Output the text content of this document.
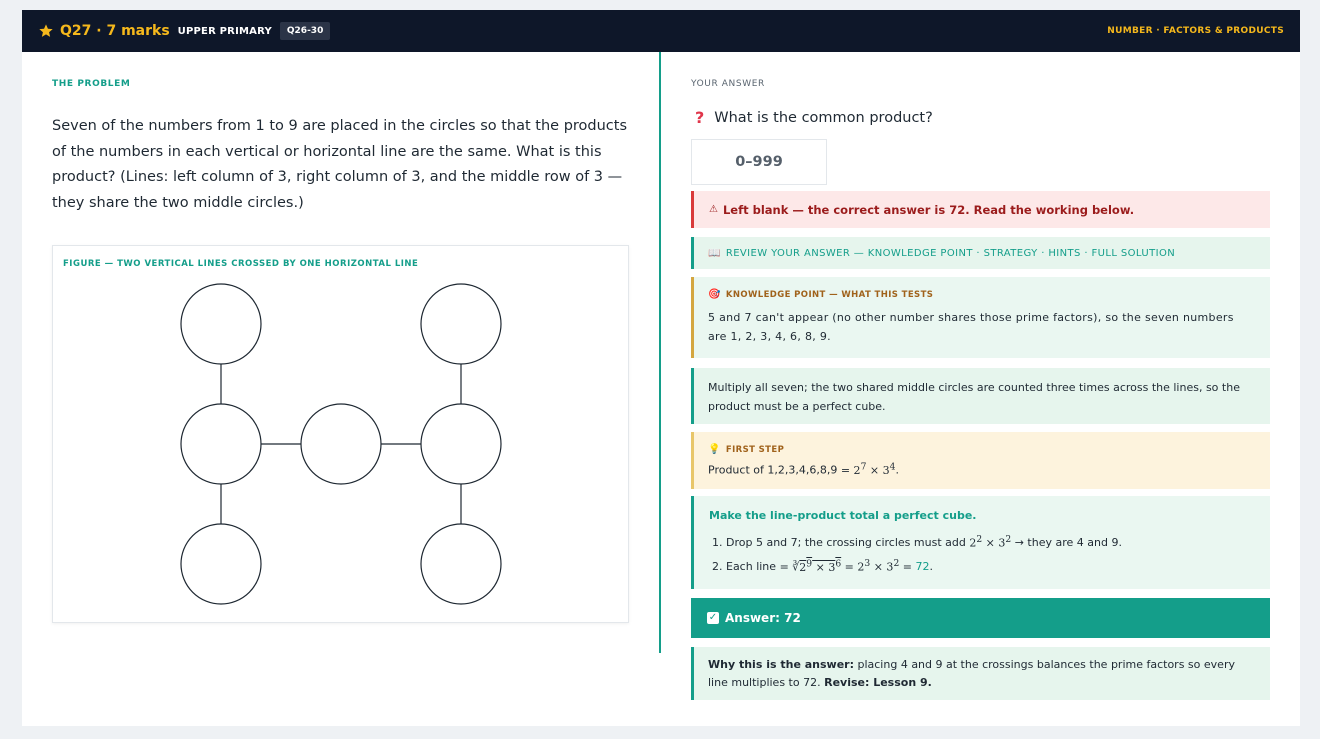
Q27 · 7 marks UPPER PRIMARY	Q26-30	NUMBER · FACTORS & PRODUCTS
THE PROBLEM
Seven of the numbers from 1 to 9 are placed in the circles so that the products of the numbers in each vertical or horizontal line are the same. What is this product? (Lines: left column of 3, right column of 3, and the middle row of 3 — they share the two middle circles.)
FIGURE — TWO VERTICAL LINES CROSSED BY ONE HORIZONTAL LINE
YOUR ANSWER
? What is the common product?
0–999
⚠ Left blank — the correct answer is 72. Read the working below.
📖 REVIEW YOUR ANSWER — KNOWLEDGE POINT · STRATEGY · HINTS · FULL SOLUTION
🎯 KNOWLEDGE POINT — WHAT THIS TESTS
5 and 7 can't appear (no other number shares those prime factors), so the seven numbers are 1, 2, 3, 4, 6, 8, 9.
Multiply all seven; the two shared middle circles are counted three times across the lines, so the product must be a perfect cube.
💡 FIRST STEP
Product of $1,2,3,4,6,8,9 = 2^7 \times 3^4$.
Make the line-product total a perfect cube.
1. Drop 5 and 7; the crossing circles must add
$2^2 \times 3^2$
→ they are 4 and 9.
2. Each line
= $∛2^9 \times 3^6 = 2^3 \times 3^2$ =
72 .
✓ Answer: 72
Why this is the answer: placing 4 and 9 at the crossings balances the prime factors so every line multiplies to 72. Revise: Lesson 9.
